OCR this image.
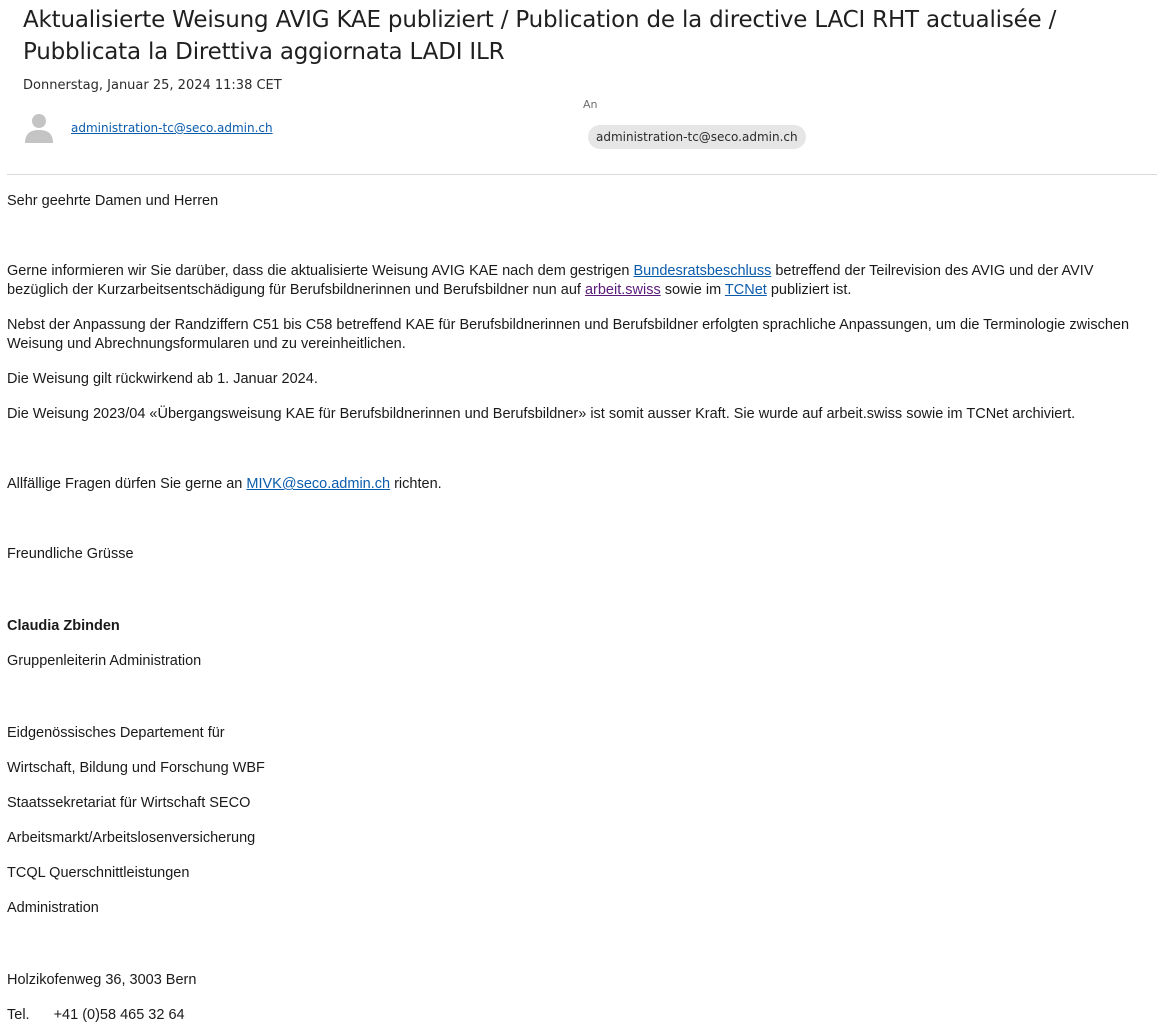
Aktualisierte Weisung AVIG KAE publiziert / Publication de la directive LACI RHT actualisée / Pubblicata la Direttiva aggiornata LADI ILR
Donnerstag, Januar 25, 2024 11:38 CET
administration-tc@seco.admin.ch
An
administration-tc@seco.admin.ch
Sehr geehrte Damen und Herren
Gerne informieren wir Sie darüber, dass die aktualisierte Weisung AVIG KAE nach dem gestrigen Bundesratsbeschluss betreffend der Teilrevision des AVIG und der AVIV bezüglich der Kurzarbeitsentschädigung für Berufsbildnerinnen und Berufsbildner nun auf arbeit.swiss sowie im TCNet publiziert ist.
Nebst der Anpassung der Randziffern C51 bis C58 betreffend KAE für Berufsbildnerinnen und Berufsbildner erfolgten sprachliche Anpassungen, um die Terminologie zwischen Weisung und Abrechnungsformularen und zu vereinheitlichen.
Die Weisung gilt rückwirkend ab 1. Januar 2024.
Die Weisung 2023/04 «Übergangsweisung KAE für Berufsbildnerinnen und Berufsbildner» ist somit ausser Kraft. Sie wurde auf arbeit.swiss sowie im TCNet archiviert.
Allfällige Fragen dürfen Sie gerne an MIVK@seco.admin.ch richten.
Freundliche Grüsse
Claudia Zbinden
Gruppenleiterin Administration
Eidgenössisches Departement für
Wirtschaft, Bildung und Forschung WBF
Staatssekretariat für Wirtschaft SECO
Arbeitsmarkt/Arbeitslosenversicherung
TCQL Querschnittleistungen
Administration
Holzikofenweg 36, 3003 Bern
Tel. +41 (0)58 465 32 64
